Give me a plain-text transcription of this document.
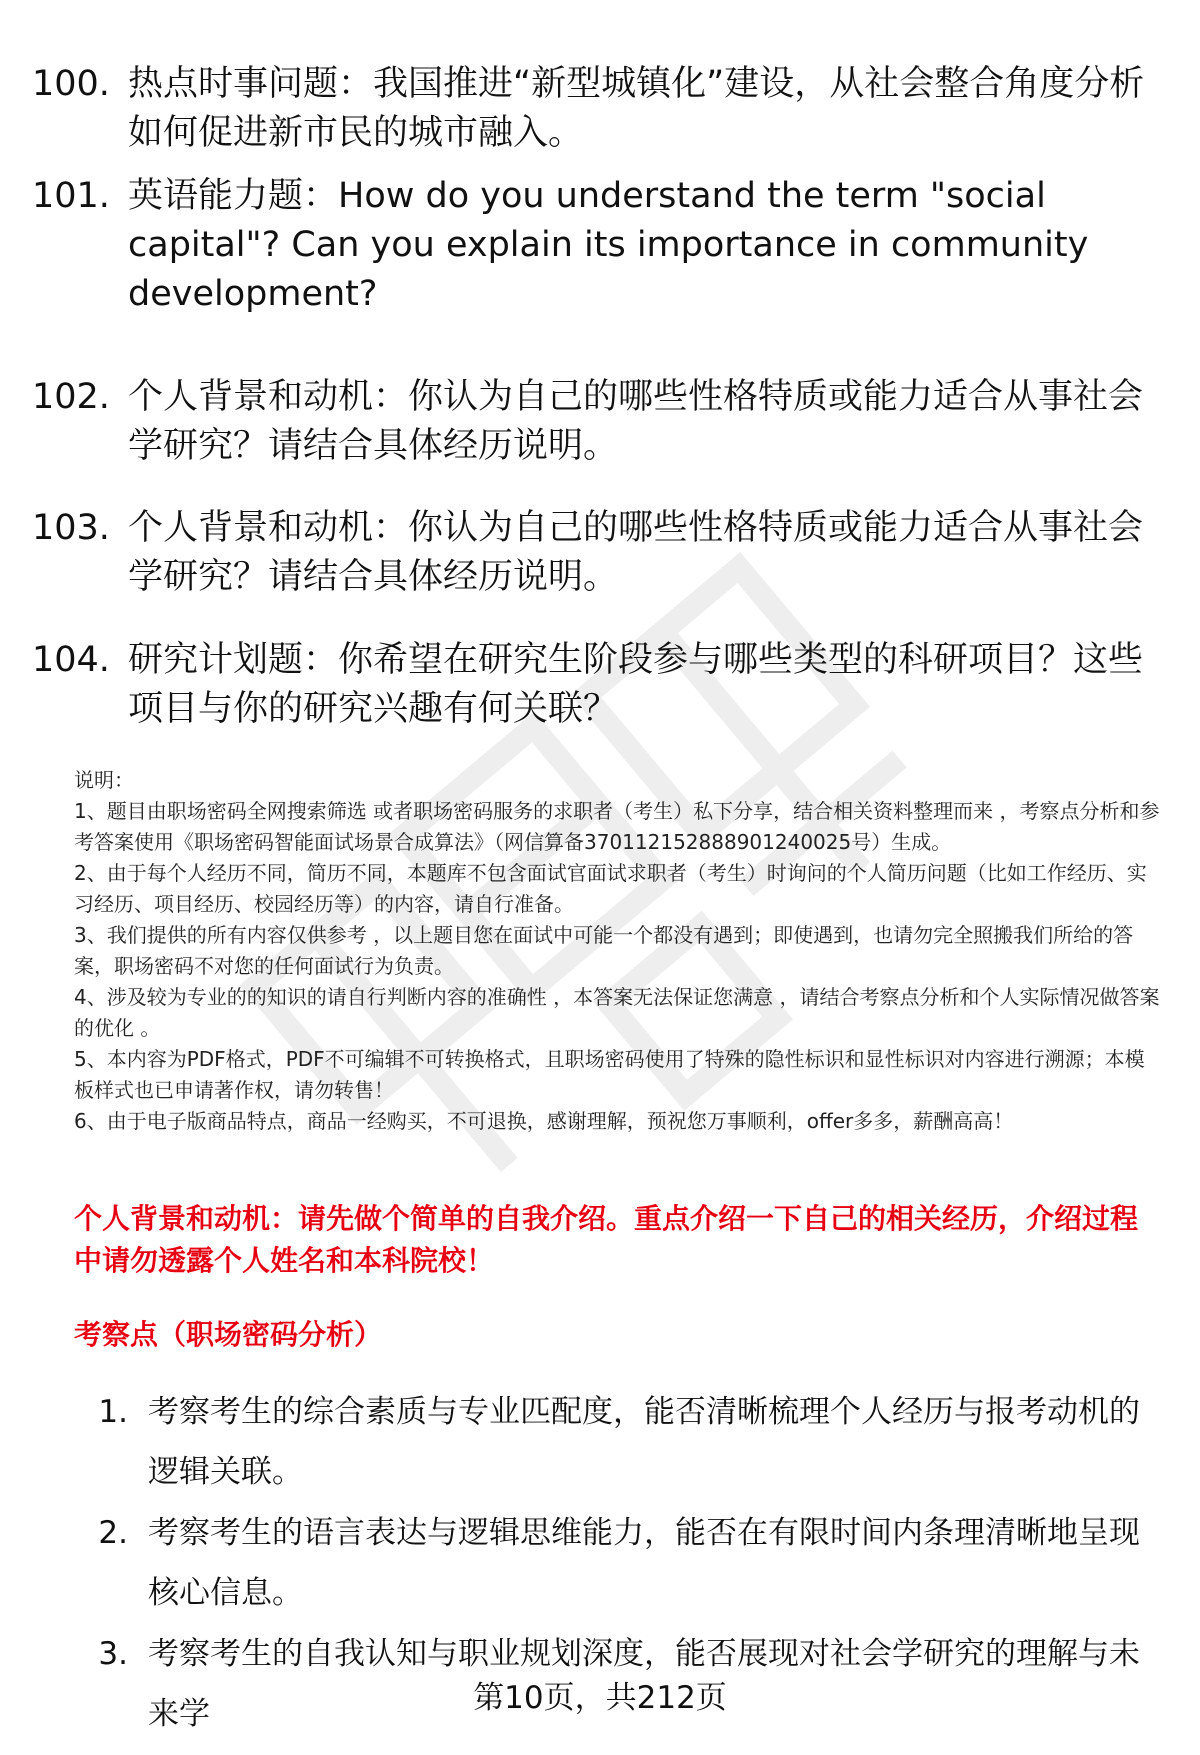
100. 热点时事问题：我国推进“新型城镇化”建设，从社会整合角度分析如何促进新市民的城市融入。
101. 英语能力题：How do you understand the term "social capital"? Can you explain its importance in community development?
102. 个人背景和动机：你认为自己的哪些性格特质或能力适合从事社会学研究？请结合具体经历说明。
103. 个人背景和动机：你认为自己的哪些性格特质或能力适合从事社会学研究？请结合具体经历说明。
104. 研究计划题：你希望在研究生阶段参与哪些类型的科研项目？这些项目与你的研究兴趣有何关联？

说明：

1、题目由职场密码全网搜索筛选 或者职场密码服务的求职者（考生）私下分享，结合相关资料整理而来 ，考察点分析和参考答案使用《职场密码智能面试场景合成算法》（网信算备370112152888901240025号）生成。

2、由于每个人经历不同，简历不同，本题库不包含面试官面试求职者（考生）时询问的个人简历问题（比如工作经历、实习经历、项目经历、校园经历等）的内容，请自行准备。

3、我们提供的所有内容仅供参考 ，以上题目您在面试中可能一个都没有遇到；即使遇到，也请勿完全照搬我们所给的答案，职场密码不对您的任何面试行为负责。

4、涉及较为专业的的知识的请自行判断内容的准确性 ，本答案无法保证您满意 ，请结合考察点分析和个人实际情况做答案的优化 。

5、本内容为PDF格式，PDF不可编辑不可转换格式，且职场密码使用了特殊的隐性标识和显性标识对内容进行溯源；本模板样式也已申请著作权，请勿转售！

6、由于电子版商品特点，商品一经购买，不可退换，感谢理解，预祝您万事顺利，offer多多，薪酬高高！

个人背景和动机：请先做个简单的自我介绍。重点介绍一下自己的相关经历，介绍过程中请勿透露个人姓名和本科院校！
考察点（职场密码分析）
1. 考察考生的综合素质与专业匹配度，能否清晰梳理个人经历与报考动机的逻辑关联。
2. 考察考生的语言表达与逻辑思维能力，能否在有限时间内条理清晰地呈现核心信息。
3. 考察考生的自我认知与职业规划深度，能否展现对社会学研究的理解与未来学	第10页，共212页
